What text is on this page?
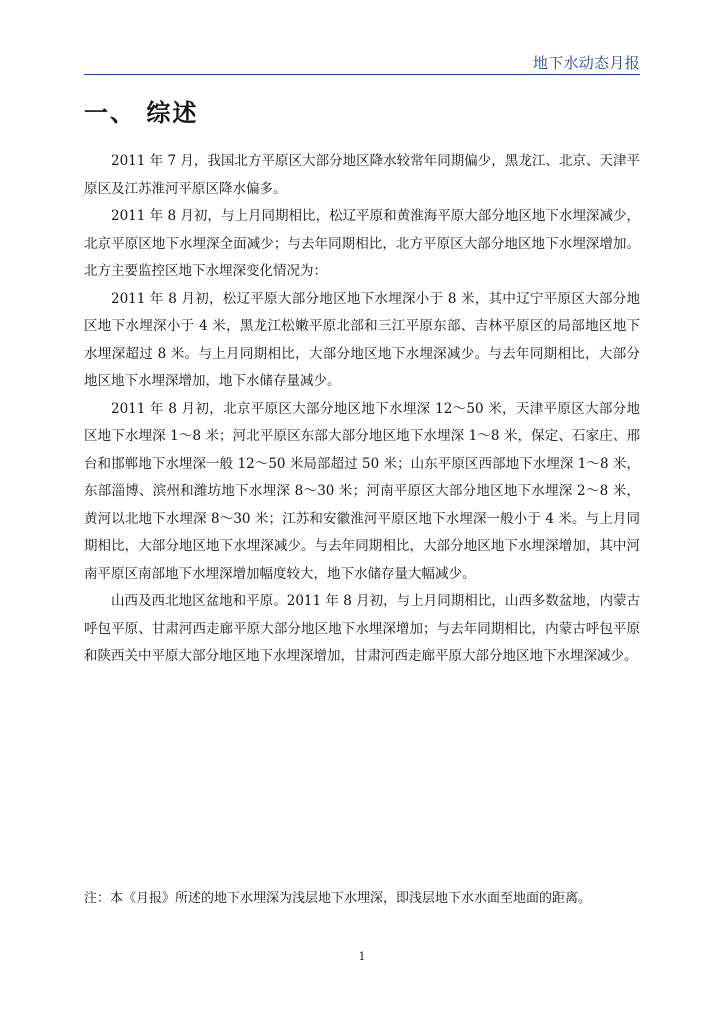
地下水动态月报
一、 综述

2011 年 7 月，我国北方平原区大部分地区降水较常年同期偏少，黑龙江、北京、天津平原区及江苏淮河平原区降水偏多。

2011 年 8 月初，与上月同期相比，松辽平原和黄淮海平原大部分地区地下水埋深减少，北京平原区地下水埋深全面减少；与去年同期相比，北方平原区大部分地区地下水埋深增加。北方主要监控区地下水埋深变化情况为：

2011 年 8 月初，松辽平原大部分地区地下水埋深小于 8 米，其中辽宁平原区大部分地区地下水埋深小于 4 米，黑龙江松嫩平原北部和三江平原东部、吉林平原区的局部地区地下水埋深超过 8 米。与上月同期相比，大部分地区地下水埋深减少。与去年同期相比，大部分地区地下水埋深增加，地下水储存量减少。

2011 年 8 月初，北京平原区大部分地区地下水埋深 12～50 米，天津平原区大部分地区地下水埋深 1～8 米；河北平原区东部大部分地区地下水埋深 1～8 米，保定、石家庄、邢台和邯郸地下水埋深一般 12～50 米局部超过 50 米；山东平原区西部地下水埋深 1～8 米，东部淄博、滨州和潍坊地下水埋深 8～30 米；河南平原区大部分地区地下水埋深 2～8 米，黄河以北地下水埋深 8～30 米；江苏和安徽淮河平原区地下水埋深一般小于 4 米。与上月同期相比，大部分地区地下水埋深减少。与去年同期相比，大部分地区地下水埋深增加，其中河南平原区南部地下水埋深增加幅度较大，地下水储存量大幅减少。

山西及西北地区盆地和平原。2011 年 8 月初，与上月同期相比，山西多数盆地，内蒙古呼包平原、甘肃河西走廊平原大部分地区地下水埋深增加；与去年同期相比，内蒙古呼包平原和陕西关中平原大部分地区地下水埋深增加，甘肃河西走廊平原大部分地区地下水埋深减少。

注：本《月报》所述的地下水埋深为浅层地下水埋深，即浅层地下水水面至地面的距离。
1
